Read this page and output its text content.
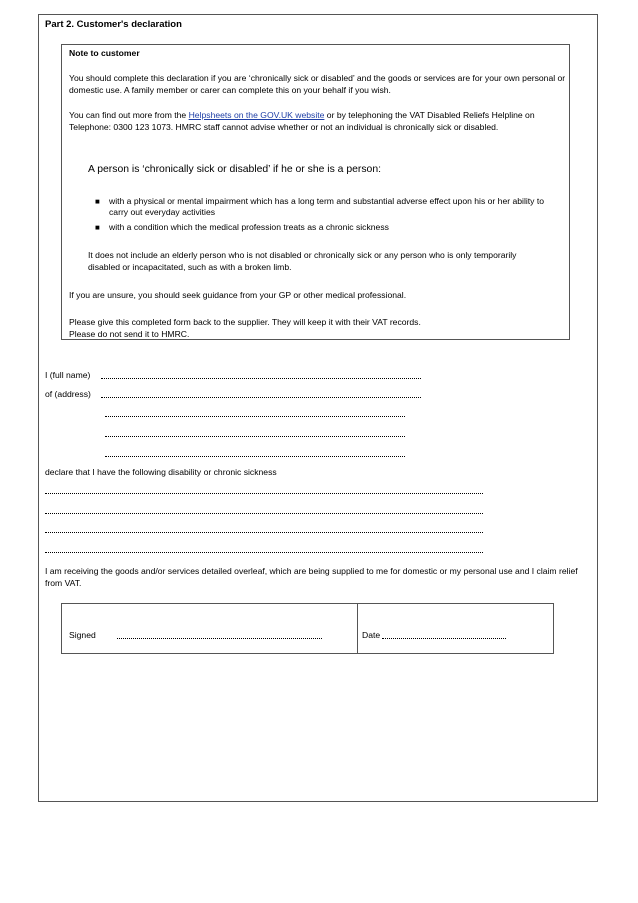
Part 2. Customer's declaration
Note to customer
You should complete this declaration if you are ‘chronically sick or disabled’ and the goods or services are for your own personal or domestic use. A family member or carer can complete this on your behalf if you wish.
You can find out more from the Helpsheets on the GOV.UK website or by telephoning the VAT Disabled Reliefs Helpline on Telephone: 0300 123 1073. HMRC staff cannot advise whether or not an individual is chronically sick or disabled.
A person is ‘chronically sick or disabled’ if he or she is a person:
■ with a physical or mental impairment which has a long term and substantial adverse effect upon his or her ability to carry out everyday activities
■ with a condition which the medical profession treats as a chronic sickness
It does not include an elderly person who is not disabled or chronically sick or any person who is only temporarily disabled or incapacitated, such as with a broken limb.
If you are unsure, you should seek guidance from your GP or other medical professional.
Please give this completed form back to the supplier. They will keep it with their VAT records.
Please do not send it to HMRC.
I (full name)
of (address)
declare that I have the following disability or chronic sickness
I am receiving the goods and/or services detailed overleaf, which are being supplied to me for domestic or my personal use and I claim relief from VAT.
Signed	Date
